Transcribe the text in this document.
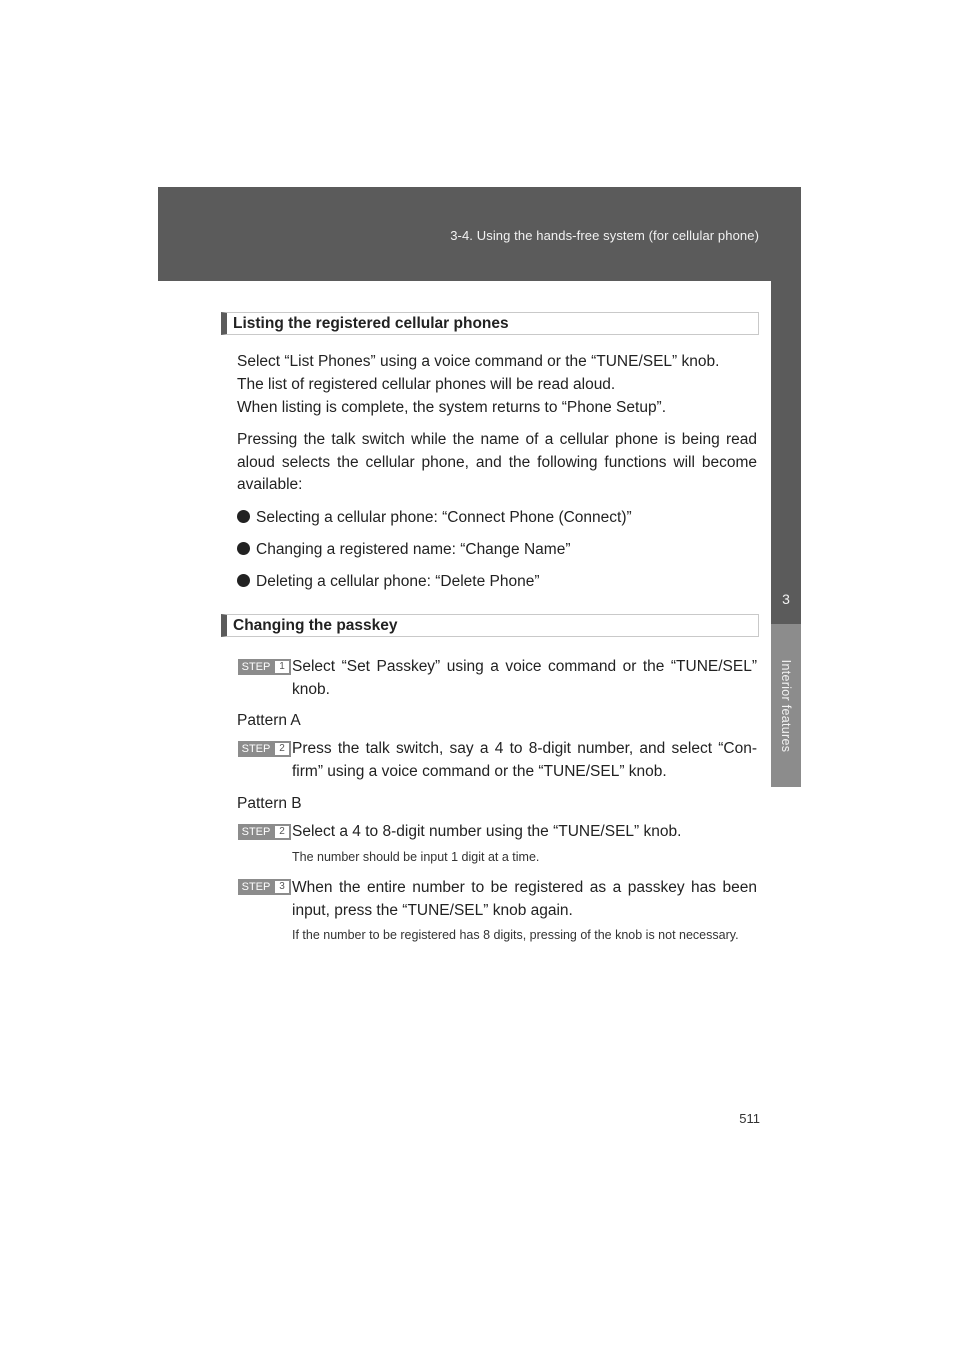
3-4. Using the hands-free system (for cellular phone)
3
Interior features
Listing the registered cellular phones
Select “List Phones” using a voice command or the “TUNE/SEL” knob.
The list of registered cellular phones will be read aloud.
When listing is complete, the system returns to “Phone Setup”.
Pressing the talk switch while the name of a cellular phone is being read aloud selects the cellular phone, and the following functions will become available:
Selecting a cellular phone: “Connect Phone (Connect)”
Changing a registered name: “Change Name”
Deleting a cellular phone: “Delete Phone”
Changing the passkey
STEP 1 Select “Set Passkey” using a voice command or the “TUNE/SEL” knob.
Pattern A
STEP 2 Press the talk switch, say a 4 to 8-digit number, and select “Con-firm” using a voice command or the “TUNE/SEL” knob.
Pattern B
STEP 2 Select a 4 to 8-digit number using the “TUNE/SEL” knob.
The number should be input 1 digit at a time.
STEP 3 When the entire number to be registered as a passkey has been input, press the “TUNE/SEL” knob again.
If the number to be registered has 8 digits, pressing of the knob is not necessary.
511
